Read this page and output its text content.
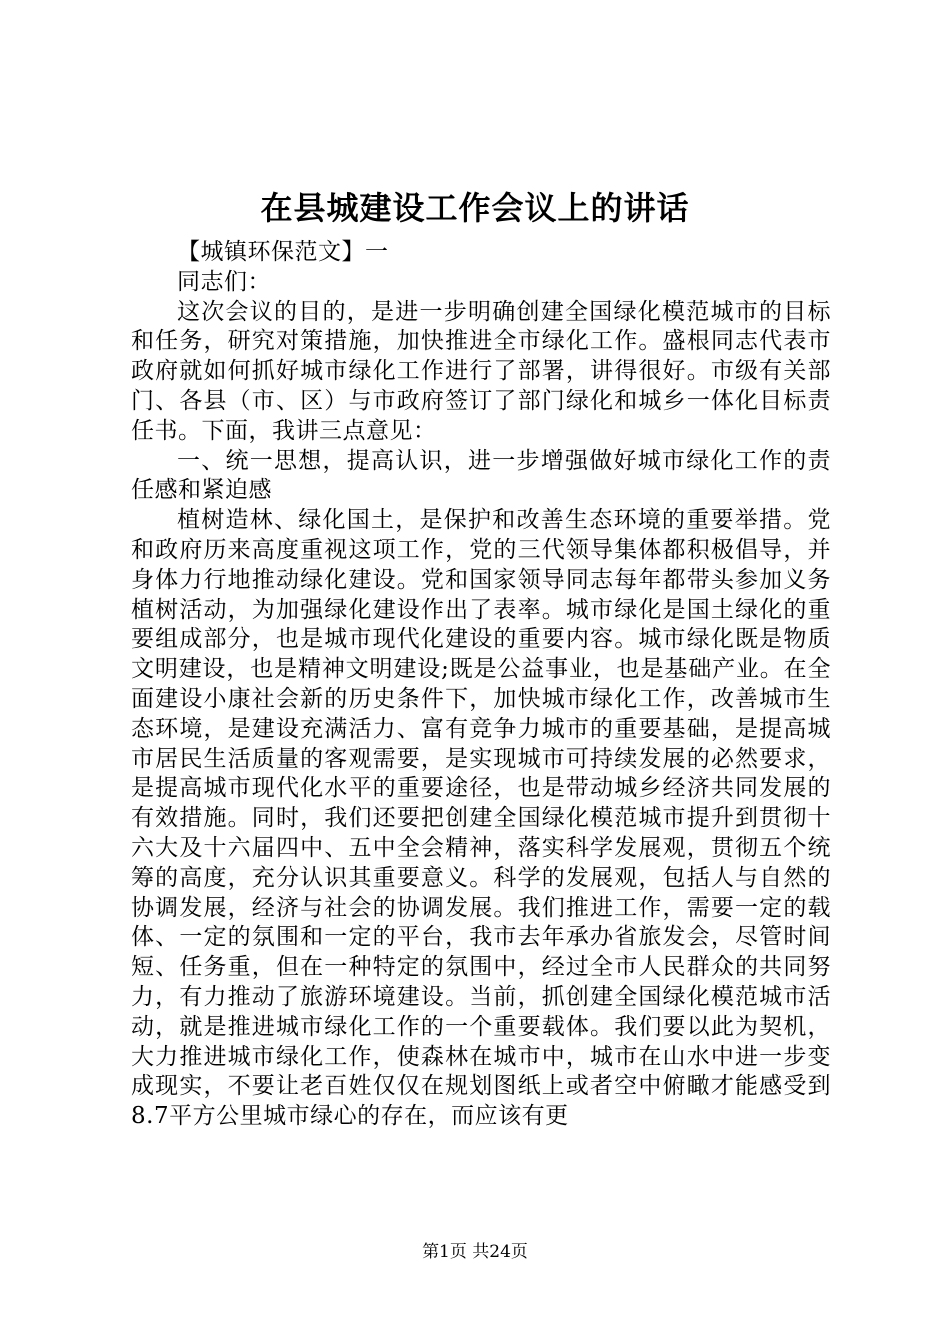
在县城建设工作会议上的讲话

【城镇环保范文】一

同志们：

这次会议的目的，是进一步明确创建全国绿化模范城市的目标和任务，研究对策措施，加快推进全市绿化工作。盛根同志代表市政府就如何抓好城市绿化工作进行了部署，讲得很好。市级有关部门、各县（市、区）与市政府签订了部门绿化和城乡一体化目标责任书。下面，我讲三点意见：

一、统一思想，提高认识，进一步增强做好城市绿化工作的责任感和紧迫感

植树造林、绿化国土，是保护和改善生态环境的重要举措。党和政府历来高度重视这项工作，党的三代领导集体都积极倡导，并身体力行地推动绿化建设。党和国家领导同志每年都带头参加义务植树活动，为加强绿化建设作出了表率。城市绿化是国土绿化的重要组成部分，也是城市现代化建设的重要内容。城市绿化既是物质文明建设，也是精神文明建设;既是公益事业，也是基础产业。在全面建设小康社会新的历史条件下，加快城市绿化工作，改善城市生态环境，是建设充满活力、富有竞争力城市的重要基础，是提高城市居民生活质量的客观需要，是实现城市可持续发展的必然要求，是提高城市现代化水平的重要途径，也是带动城乡经济共同发展的有效措施。同时，我们还要把创建全国绿化模范城市提升到贯彻十六大及十六届四中、五中全会精神，落实科学发展观，贯彻五个统筹的高度，充分认识其重要意义。科学的发展观，包括人与自然的协调发展，经济与社会的协调发展。我们推进工作，需要一定的载体、一定的氛围和一定的平台，我市去年承办省旅发会，尽管时间短、任务重，但在一种特定的氛围中，经过全市人民群众的共同努力，有力推动了旅游环境建设。当前，抓创建全国绿化模范城市活动，就是推进城市绿化工作的一个重要载体。我们要以此为契机，大力推进城市绿化工作，使森林在城市中，城市在山水中进一步变成现实，不要让老百姓仅仅在规划图纸上或者空中俯瞰才能感受到8.7平方公里城市绿心的存在，而应该有更

第1页 共24页
